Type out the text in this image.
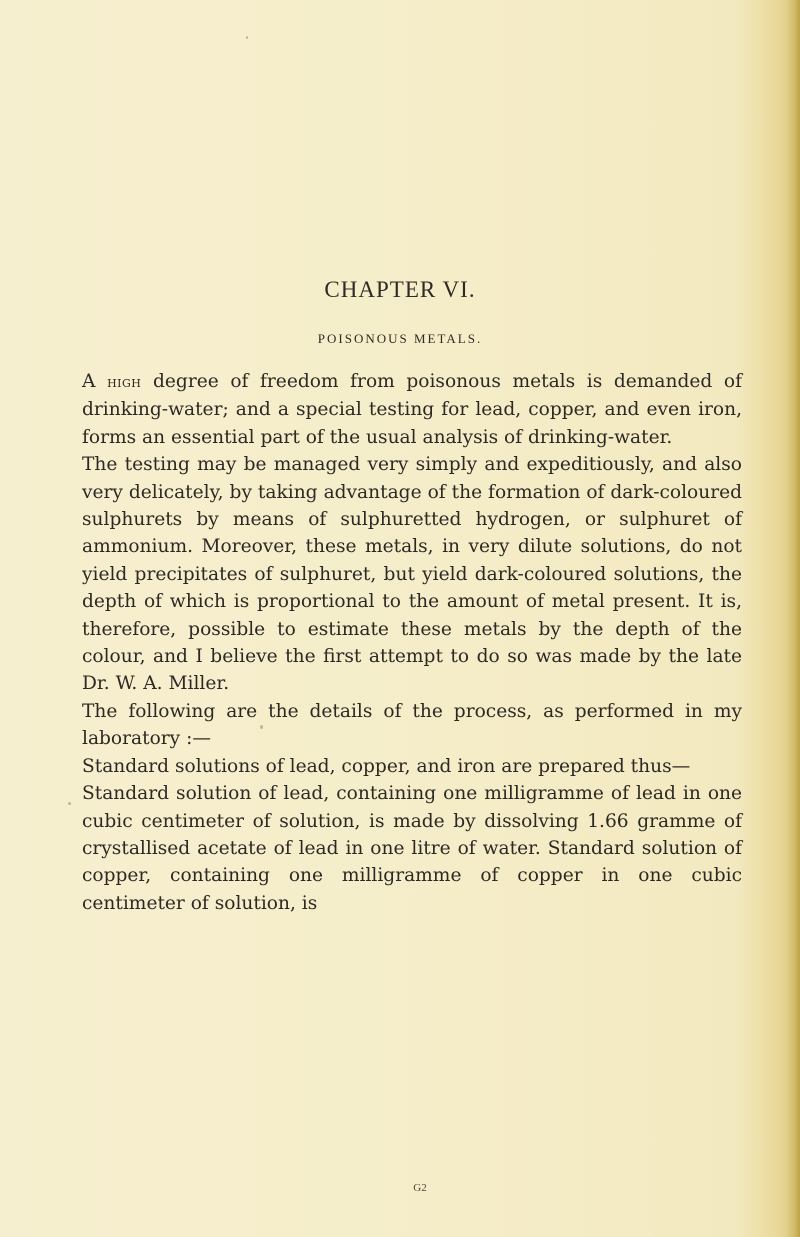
CHAPTER VI.
POISONOUS METALS.

A high degree of freedom from poisonous metals is demanded of drinking-water; and a special testing for lead, copper, and even iron, forms an essential part of the usual analysis of drinking-water.

The testing may be managed very simply and expeditiously, and also very delicately, by taking advantage of the formation of dark-coloured sulphurets by means of sulphuretted hydrogen, or sulphuret of ammonium. Moreover, these metals, in very dilute solutions, do not yield precipitates of sulphuret, but yield dark-coloured solutions, the depth of which is proportional to the amount of metal present. It is, therefore, possible to estimate these metals by the depth of the colour, and I believe the first attempt to do so was made by the late Dr. W. A. Miller.

The following are the details of the process, as performed in my laboratory :—

Standard solutions of lead, copper, and iron are prepared thus—

Standard solution of lead, containing one milligramme of lead in one cubic centimeter of solution, is made by dissolving 1.66 gramme of crystallised acetate of lead in one litre of water. Standard solution of copper, containing one milligramme of copper in one cubic centimeter of solution, is

G2
